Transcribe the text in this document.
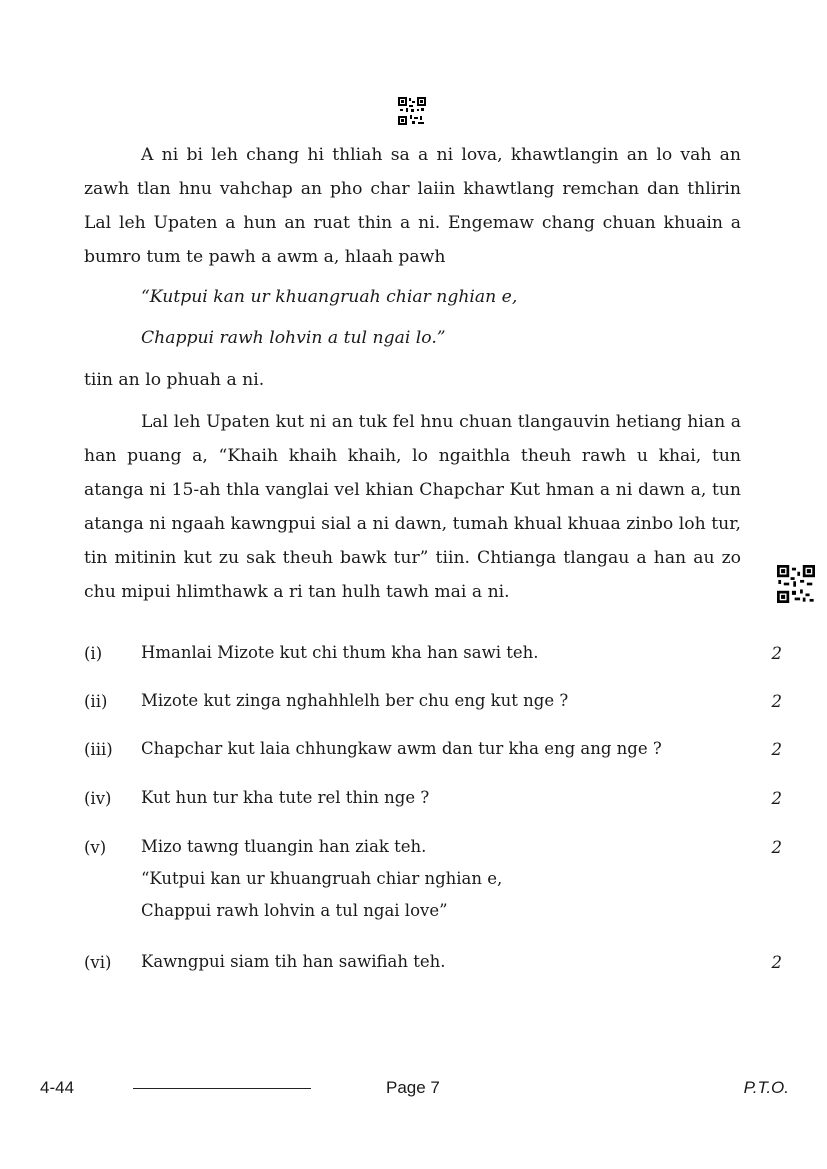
A ni bi leh chang hi thliah sa a ni lova, khawtlangin an lo vah an zawh tlan hnu vahchap an pho char laiin khawtlang remchan dan thlirin Lal leh Upaten a hun an ruat thin a ni. Engemaw chang chuan khuain a bumro tum te pawh a awm a, hlaah pawh

“Kutpui kan ur khuangruah chiar nghian e,

Chappui rawh lohvin a tul ngai lo.”

tiin an lo phuah a ni.

Lal leh Upaten kut ni an tuk fel hnu chuan tlangauvin hetiang hian a han puang a, “Khaih khaih khaih, lo ngaithla theuh rawh u khai, tun atanga ni 15-ah thla vanglai vel khian Chapchar Kut hman a ni dawn a, tun atanga ni ngaah kawngpui sial a ni dawn, tumah khual khuaa zinbo loh tur, tin mitinin kut zu sak theuh bawk tur” tiin. Chtianga tlangau a han au zo chu mipui hlimthawk a ri tan hulh tawh mai a ni.

(i) Hmanlai Mizote kut chi thum kha han sawi teh.	2
(ii) Mizote kut zinga nghahhlelh ber chu eng kut nge ?	2
(iii) Chapchar kut laia chhungkaw awm dan tur kha eng ang nge ?	2
(iv) Kut hun tur kha tute rel thin nge ?	2
(v) Mizo tawng tluangin han ziak teh.
“Kutpui kan ur khuangruah chiar nghian e,
Chappui rawh lohvin a tul ngai love”
2
(vi) Kawngpui siam tih han sawifiah teh.	2
4-44	Page 7	P.T.O.
